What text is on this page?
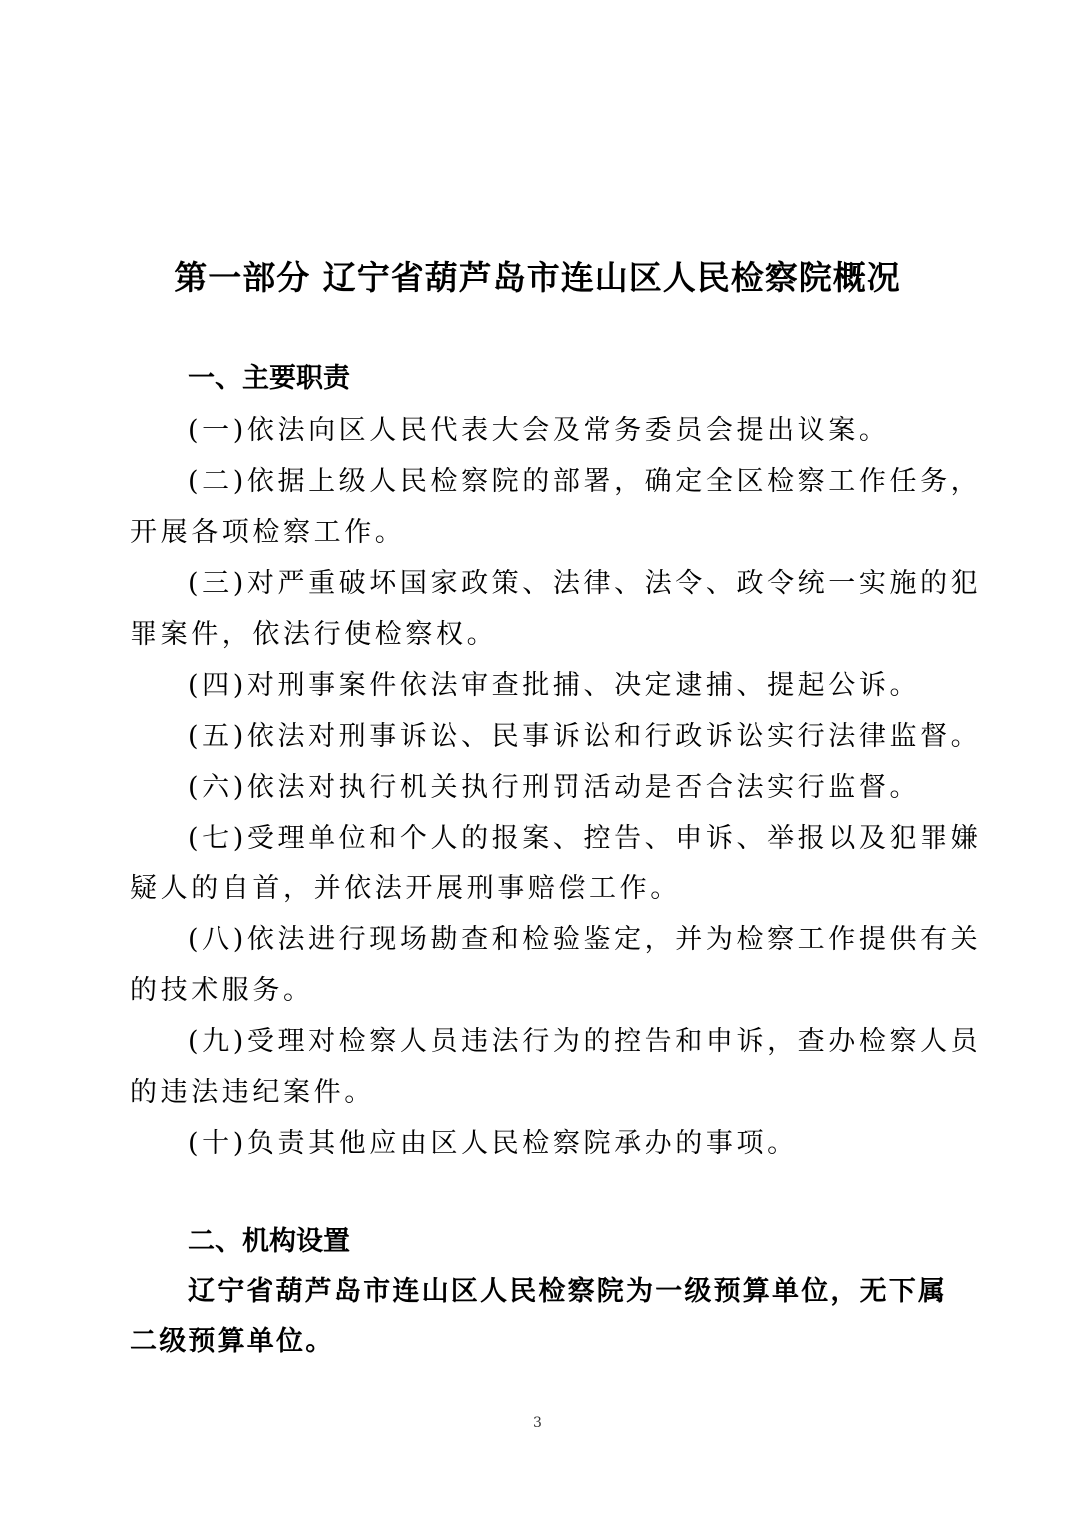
第一部分 辽宁省葫芦岛市连山区人民检察院概况
一、主要职责
(一)依法向区人民代表大会及常务委员会提出议案。
(二)依据上级人民检察院的部署，确定全区检察工作任务，
开展各项检察工作。
(三)对严重破坏国家政策、法律、法令、政令统一实施的犯
罪案件，依法行使检察权。
(四)对刑事案件依法审查批捕、决定逮捕、提起公诉。
(五)依法对刑事诉讼、民事诉讼和行政诉讼实行法律监督。
(六)依法对执行机关执行刑罚活动是否合法实行监督。
(七)受理单位和个人的报案、控告、申诉、举报以及犯罪嫌
疑人的自首，并依法开展刑事赔偿工作。
(八)依法进行现场勘查和检验鉴定，并为检察工作提供有关
的技术服务。
(九)受理对检察人员违法行为的控告和申诉，查办检察人员
的违法违纪案件。
(十)负责其他应由区人民检察院承办的事项。
二、机构设置
辽宁省葫芦岛市连山区人民检察院为一级预算单位，无下属
二级预算单位。
3
